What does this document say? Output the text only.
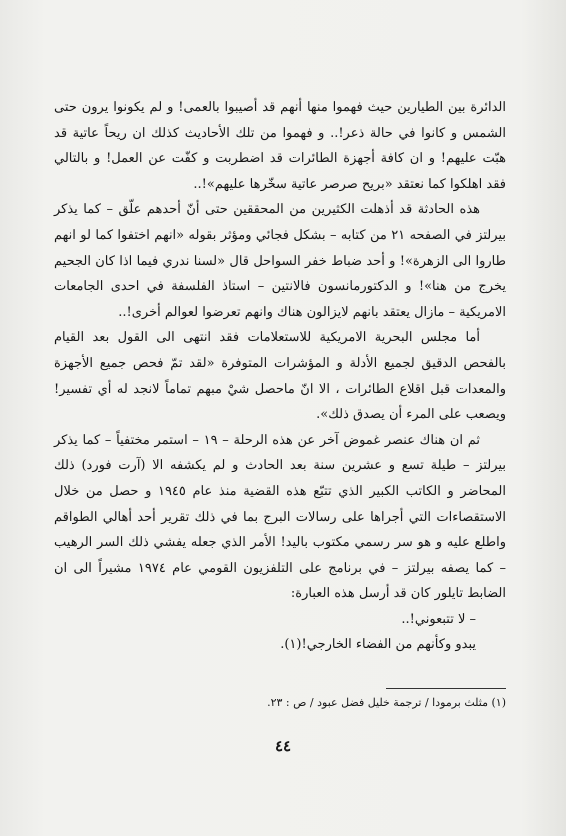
الدائرة بين الطيارين حيث فهموا منها أنهم قد أصيبوا بالعمى! و لم يكونوا يرون حتى الشمس و كانوا في حالة ذعر!.. و فهموا من تلك الأحاديث كذلك ان ريحاً عاتية قد هبّت عليهم! و ان كافة أجهزة الطائرات قد اضطربت و كفّت عن العمل! و بالتالي فقد اهلكوا كما نعتقد «بريح صرصر عاتية سخّرها عليهم»!..

هذه الحادثة قد أذهلت الكثيرين من المحققين حتى أنّ أحدهم علّق – كما يذكر بيرلتز في الصفحه ٢١ من كتابه – بشكل فجائي ومؤثر بقوله «انهم اختفوا كما لو انهم طاروا الى الزهرة»! و أحد ضباط خفر السواحل قال «لسنا ندري فيما اذا كان الجحيم يخرج من هنا»! و الدكتورمانسون فالانتين – استاذ الفلسفة في احدى الجامعات الامريكية – مازال يعتقد بانهم لايزالون هناك وانهم تعرضوا لعوالم أخرى!..

أما مجلس البحرية الامريكية للاستعلامات فقد انتهى الى القول بعد القيام بالفحص الدقيق لجميع الأدلة و المؤشرات المتوفرة «لقد تمّ فحص جميع الأجهزة والمعدات قبل اقلاع الطائرات ، الا انّ ماحصل شيْ مبهم تماماً لانجد له أي تفسير! ويصعب على المرء أن يصدق ذلك».

ثم ان هناك عنصر غموض آخر عن هذه الرحلة – ١٩ – استمر مختفياً – كما يذكر بيرلتز – طيلة تسع و عشرين سنة بعد الحادث و لم يكشفه الا (آرت فورد) ذلك المحاضر و الكاتب الكبير الذي تتبّع هذه القضية منذ عام ١٩٤٥ و حصل من خلال الاستقصاءات التي أجراها على رسالات البرج بما في ذلك تقرير أحد أهالي الطواقم واطلع عليه و هو سر رسمي مكتوب باليد! الأمر الذي جعله يفشي ذلك السر الرهيب – كما يصفه بيرلتز – في برنامج على التلفزيون القومي عام ١٩٧٤ مشيراً الى ان الضابط تايلور كان قد أرسل هذه العبارة:

– لا تتبعوني!..

يبدو وكأنهم من الفضاء الخارجي!(١).

(١) مثلث برمودا / ترجمة خليل فضل عبود / ص : ٢٣.

٤٤
